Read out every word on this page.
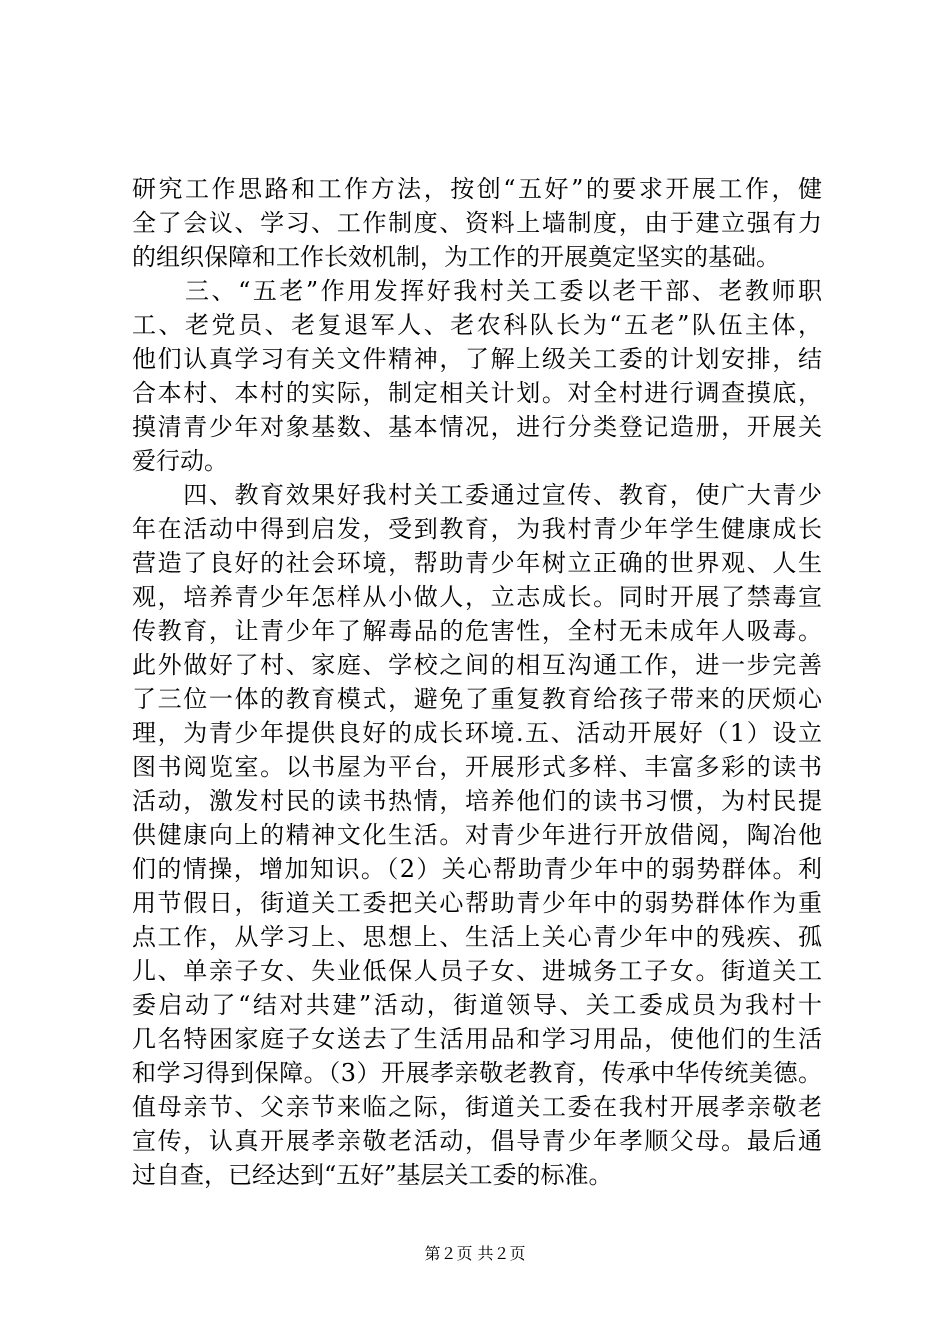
研究工作思路和工作方法，按创“五好”的要求开展工作，健
全了会议、学习、工作制度、资料上墙制度，由于建立强有力
的组织保障和工作长效机制，为工作的开展奠定坚实的基础。
　　三、“五老”作用发挥好我村关工委以老干部、老教师职
工、老党员、老复退军人、老农科队长为“五老”队伍主体，
他们认真学习有关文件精神，了解上级关工委的计划安排，结
合本村、本村的实际，制定相关计划。对全村进行调查摸底，
摸清青少年对象基数、基本情况，进行分类登记造册，开展关
爱行动。
　　四、教育效果好我村关工委通过宣传、教育，使广大青少
年在活动中得到启发，受到教育，为我村青少年学生健康成长
营造了良好的社会环境，帮助青少年树立正确的世界观、人生
观，培养青少年怎样从小做人，立志成长。同时开展了禁毒宣
传教育，让青少年了解毒品的危害性，全村无未成年人吸毒。
此外做好了村、家庭、学校之间的相互沟通工作，进一步完善
了三位一体的教育模式，避免了重复教育给孩子带来的厌烦心
理，为青少年提供良好的成长环境.五、活动开展好（1）设立
图书阅览室。以书屋为平台，开展形式多样、丰富多彩的读书
活动，激发村民的读书热情，培养他们的读书习惯，为村民提
供健康向上的精神文化生活。对青少年进行开放借阅，陶冶他
们的情操，增加知识。（2）关心帮助青少年中的弱势群体。利
用节假日，街道关工委把关心帮助青少年中的弱势群体作为重
点工作，从学习上、思想上、生活上关心青少年中的残疾、孤
儿、单亲子女、失业低保人员子女、进城务工子女。街道关工
委启动了“结对共建”活动，街道领导、关工委成员为我村十
几名特困家庭子女送去了生活用品和学习用品，使他们的生活
和学习得到保障。（3）开展孝亲敬老教育，传承中华传统美德。
值母亲节、父亲节来临之际，街道关工委在我村开展孝亲敬老
宣传，认真开展孝亲敬老活动，倡导青少年孝顺父母。最后通
过自查，已经达到“五好”基层关工委的标准。
第２页 共２页
